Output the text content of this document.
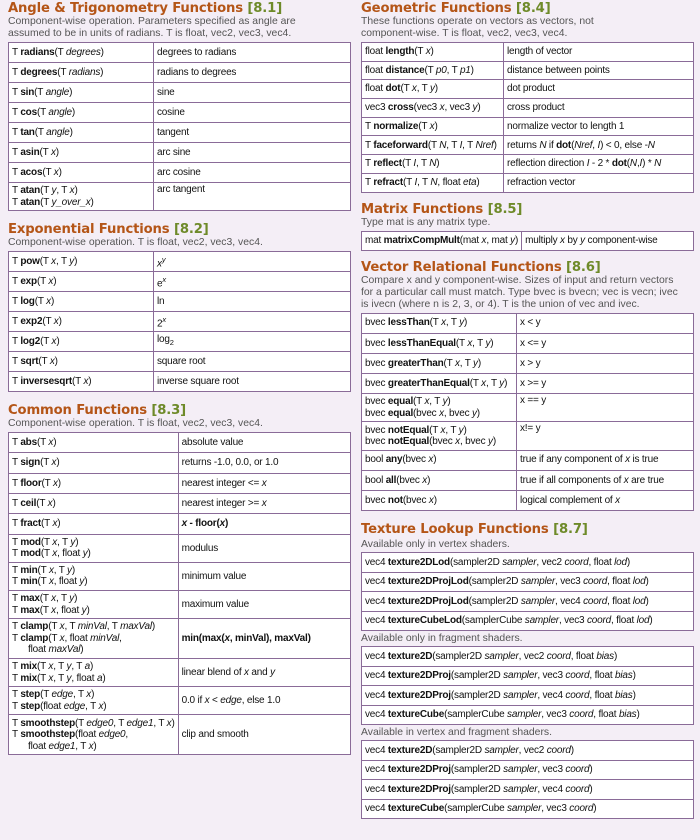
Angle & Trigonometry Functions [8.1]
Component-wise operation. Parameters specified as angle are
assumed to be in units of radians. T is float, vec2, vec3, vec4.
T radians(T degrees)	degrees to radians

T degrees(T radians)	radians to degrees

T sin(T angle)	sine

T cos(T angle)	cosine

T tan(T angle)	tangent

T asin(T x)	arc sine

T acos(T x)	arc cosine

T atan(T y, T x)
T atan(T y_over_x)	arc tangent
Exponential Functions [8.2]
Component-wise operation. T is float, vec2, vec3, vec4.
T pow(T x, T y)	$x^y$

T exp(T x)	$e^x$

T log(T x)	ln

T exp2(T x)	2$^x$

T log2(T x)	$\log_2$

T sqrt(T x)	square root

T inversesqrt(T x)	inverse square root
Common Functions [8.3]
Component-wise operation. T is float, vec2, vec3, vec4.
T abs(T x)	absolute value

T sign(T x)	returns -1.0, 0.0, or 1.0

T floor(T x)	nearest integer <= x

T ceil(T x)	nearest integer >= x

T fract(T x)	x - floor(x)

T mod(T x, T y)
T mod(T x, float y)	modulus

T min(T x, T y)
T min(T x, float y)	minimum value

T max(T x, T y)
T max(T x, float y)	maximum value

T clamp(T x, T minVal, T maxVal)
T clamp(T x, float minVal,
float maxVal)	min(max(x, minVal), maxVal)

T mix(T x, T y, T a)
T mix(T x, T y, float a)	linear blend of x and y

T step(T edge, T x)
T step(float edge, T x)	0.0 if x < edge, else 1.0

T smoothstep(T edge0, T edge1, T x)
T smoothstep(float edge0,
float edge1, T x)	clip and smooth
Geometric Functions [8.4]
These functions operate on vectors as vectors, not
component-wise. T is float, vec2, vec3, vec4.
float length(T x)	length of vector

float distance(T p0, T p1)	distance between points

float dot(T x, T y)	dot product

vec3 cross(vec3 x, vec3 y)	cross product

T normalize(T x)	normalize vector to length 1

T faceforward(T N, T I, T Nref)	returns N if dot(Nref, I) < 0, else -N

T reflect(T I, T N)	reflection direction I - 2 * dot(N,I) * N

T refract(T I, T N, float eta)	refraction vector
Matrix Functions [8.5]
Type mat is any matrix type.
mat matrixCompMult(mat x, mat y)	multiply x by y component-wise
Vector Relational Functions [8.6]
Compare x and y component-wise. Sizes of input and return vectors
for a particular call must match. Type bvec is bvecn; vec is vecn; ivec
is ivecn (where n is 2, 3, or 4). T is the union of vec and ivec.
bvec lessThan(T x, T y)	x < y

bvec lessThanEqual(T x, T y)	x <= y

bvec greaterThan(T x, T y)	x > y

bvec greaterThanEqual(T x, T y)	x >= y

bvec equal(T x, T y)
bvec equal(bvec x, bvec y)	x == y

bvec notEqual(T x, T y)
bvec notEqual(bvec x, bvec y)	x!= y

bool any(bvec x)	true if any component of x is true

bool all(bvec x)	true if all components of x are true

bvec not(bvec x)	logical complement of x
Texture Lookup Functions [8.7]
Available only in vertex shaders.
vec4 texture2DLod(sampler2D sampler, vec2 coord, float lod)

vec4 texture2DProjLod(sampler2D sampler, vec3 coord, float lod)

vec4 texture2DProjLod(sampler2D sampler, vec4 coord, float lod)

vec4 textureCubeLod(samplerCube sampler, vec3 coord, float lod)
Available only in fragment shaders.
vec4 texture2D(sampler2D sampler, vec2 coord, float bias)

vec4 texture2DProj(sampler2D sampler, vec3 coord, float bias)

vec4 texture2DProj(sampler2D sampler, vec4 coord, float bias)

vec4 textureCube(samplerCube sampler, vec3 coord, float bias)
Available in vertex and fragment shaders.
vec4 texture2D(sampler2D sampler, vec2 coord)

vec4 texture2DProj(sampler2D sampler, vec3 coord)

vec4 texture2DProj(sampler2D sampler, vec4 coord)

vec4 textureCube(samplerCube sampler, vec3 coord)
